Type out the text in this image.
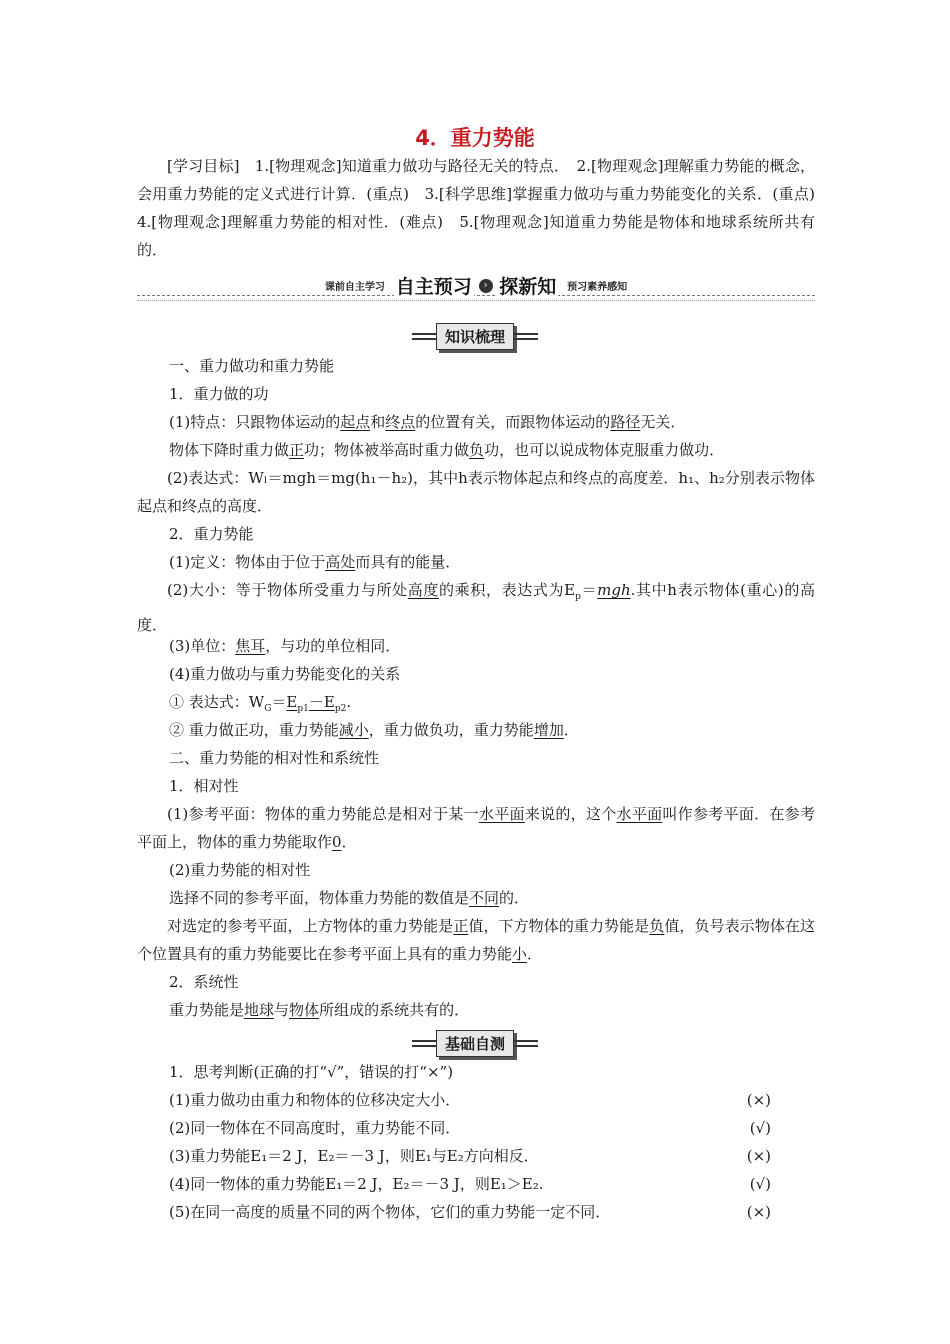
4．重力势能

[学习目标]　1.[物理观念]知道重力做功与路径无关的特点．　2.[物理观念]理解重力势能的概念，会用重力势能的定义式进行计算．(重点)　3.[科学思维]掌握重力做功与重力势能变化的关系．(重点)　4.[物理观念]理解重力势能的相对性．(难点)　5.[物理观念]知道重力势能是物体和地球系统所共有的．

课前自主学习 自主预习 › 探新知 预习素养感知
知识梳理

一、重力做功和重力势能

1．重力做的功

(1)特点：只跟物体运动的起点和终点的位置有关，而跟物体运动的路径无关．

物体下降时重力做正功；物体被举高时重力做负功，也可以说成物体克服重力做功．

(2)表达式：Wₗ＝mgh＝mg(h₁－h₂)，其中h表示物体起点和终点的高度差．h₁、h₂分别表示物体起点和终点的高度．

2．重力势能

(1)定义：物体由于位于高处而具有的能量．

(2)大小：等于物体所受重力与所处高度的乘积，表达式为$E_p=mgh$.其中h表示物体(重心)的高度．

(3)单位：焦耳，与功的单位相同．

(4)重力做功与重力势能变化的关系

① 表达式：$W_G=E_{p1}-E_{p2}$.

② 重力做正功，重力势能减小，重力做负功，重力势能增加．

二、重力势能的相对性和系统性

1．相对性

(1)参考平面：物体的重力势能总是相对于某一水平面来说的，这个水平面叫作参考平面．在参考平面上，物体的重力势能取作0．

(2)重力势能的相对性

选择不同的参考平面，物体重力势能的数值是不同的．

对选定的参考平面，上方物体的重力势能是正值，下方物体的重力势能是负值，负号表示物体在这个位置具有的重力势能要比在参考平面上具有的重力势能小．

2．系统性

重力势能是地球与物体所组成的系统共有的．

基础自测

1．思考判断(正确的打“√”，错误的打“×”)

(1)重力做功由重力和物体的位移决定大小．	(×)
(2)同一物体在不同高度时，重力势能不同．	(√)
(3)重力势能E₁＝2 J，E₂＝－3 J，则E₁与E₂方向相反．	(×)
(4)同一物体的重力势能E₁＝2 J，E₂＝－3 J，则E₁＞E₂.	(√)
(5)在同一高度的质量不同的两个物体，它们的重力势能一定不同．	(×)
